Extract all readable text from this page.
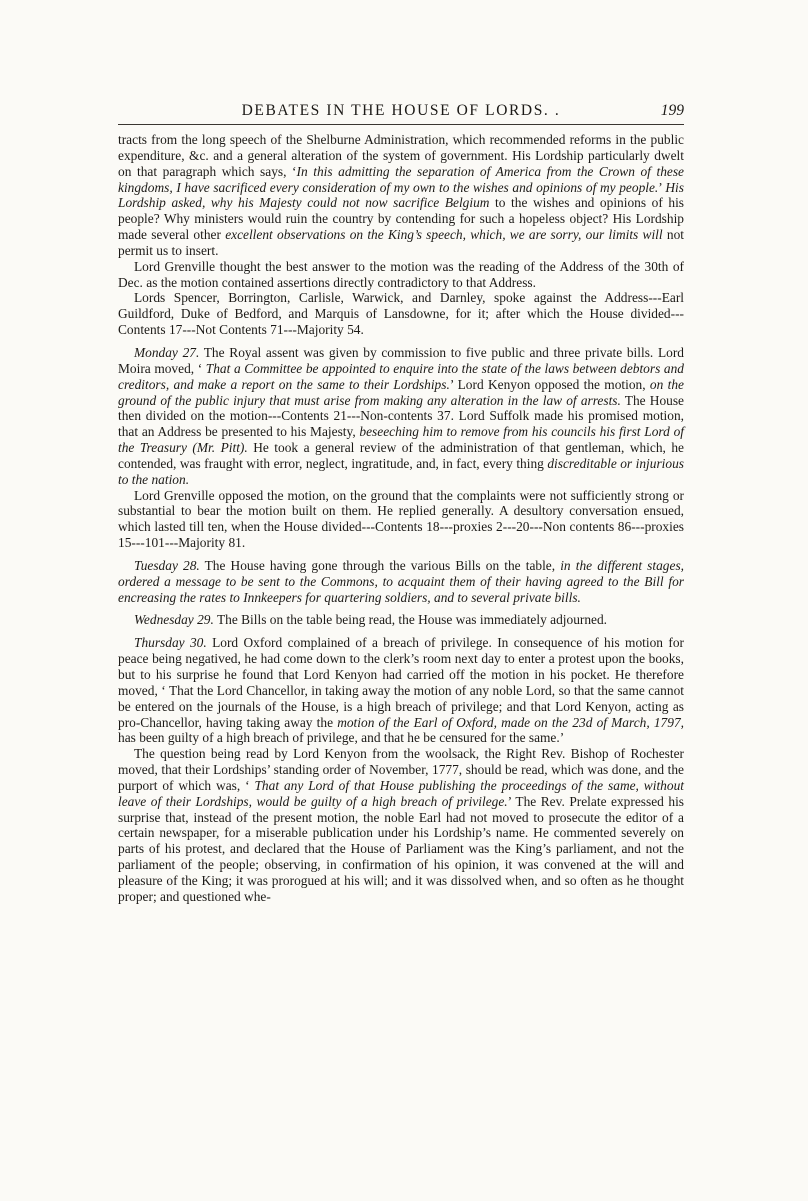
DEBATES IN THE HOUSE OF LORDS. .	199

tracts from the long speech of the Shelburne Administration, which recommended reforms in the public expenditure, &c. and a general alteration of the system of government. His Lordship particularly dwelt on that paragraph which says, ‘In this admitting the separation of America from the Crown of these kingdoms, I have sacrificed every consideration of my own to the wishes and opinions of my people.’ His Lordship asked, why his Majesty could not now sacrifice Belgium to the wishes and opinions of his people? Why ministers would ruin the country by contending for such a hopeless object? His Lordship made several other excellent observations on the King’s speech, which, we are sorry, our limits will not permit us to insert.

Lord Grenville thought the best answer to the motion was the reading of the Address of the 30th of Dec. as the motion contained assertions directly contradictory to that Address.

Lords Spencer, Borrington, Carlisle, Warwick, and Darnley, spoke against the Address---Earl Guildford, Duke of Bedford, and Marquis of Lansdowne, for it; after which the House divided---Contents 17---Not Contents 71---Majority 54.

Monday 27. The Royal assent was given by commission to five public and three private bills. Lord Moira moved, ‘ That a Committee be appointed to enquire into the state of the laws between debtors and creditors, and make a report on the same to their Lordships.’ Lord Kenyon opposed the motion, on the ground of the public injury that must arise from making any alteration in the law of arrests. The House then divided on the motion---Contents 21---Non-contents 37. Lord Suffolk made his promised motion, that an Address be presented to his Majesty, beseeching him to remove from his councils his first Lord of the Treasury (Mr. Pitt). He took a general review of the administration of that gentleman, which, he contended, was fraught with error, neglect, ingratitude, and, in fact, every thing discreditable or injurious to the nation.

Lord Grenville opposed the motion, on the ground that the complaints were not sufficiently strong or substantial to bear the motion built on them. He replied generally. A desultory conversation ensued, which lasted till ten, when the House divided---Contents 18---proxies 2---20---Non contents 86---proxies 15---101---Majority 81.

Tuesday 28. The House having gone through the various Bills on the table, in the different stages, ordered a message to be sent to the Commons, to acquaint them of their having agreed to the Bill for encreasing the rates to Innkeepers for quartering soldiers, and to several private bills.

Wednesday 29. The Bills on the table being read, the House was immediately adjourned.

Thursday 30. Lord Oxford complained of a breach of privilege. In consequence of his motion for peace being negatived, he had come down to the clerk’s room next day to enter a protest upon the books, but to his surprise he found that Lord Kenyon had carried off the motion in his pocket. He therefore moved, ‘ That the Lord Chancellor, in taking away the motion of any noble Lord, so that the same cannot be entered on the journals of the House, is a high breach of privilege; and that Lord Kenyon, acting as pro-Chancellor, having taking away the motion of the Earl of Oxford, made on the 23d of March, 1797, has been guilty of a high breach of privilege, and that he be censured for the same.’

The question being read by Lord Kenyon from the woolsack, the Right Rev. Bishop of Rochester moved, that their Lordships’ standing order of November, 1777, should be read, which was done, and the purport of which was, ‘ That any Lord of that House publishing the proceedings of the same, without leave of their Lordships, would be guilty of a high breach of privilege.’ The Rev. Prelate expressed his surprise that, instead of the present motion, the noble Earl had not moved to prosecute the editor of a certain newspaper, for a miserable publication under his Lordship’s name. He commented severely on parts of his protest, and declared that the House of Parliament was the King’s parliament, and not the parliament of the people; observing, in confirmation of his opinion, it was convened at the will and pleasure of the King; it was prorogued at his will; and it was dissolved when, and so often as he thought proper; and questioned whe-
